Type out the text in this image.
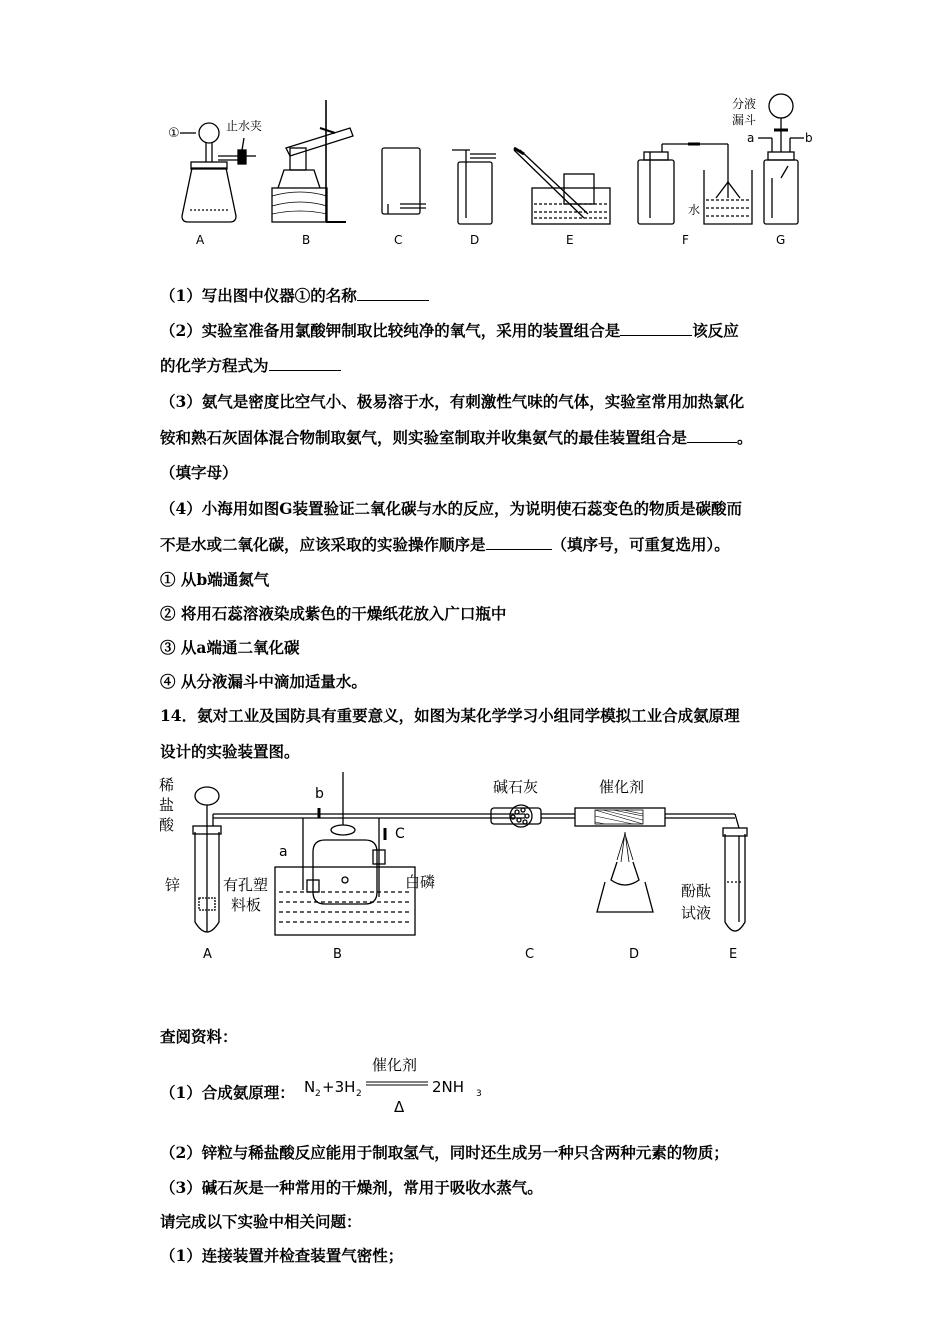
①	止水夹
分液
漏斗
a	b
水
A	B	C	D	E	F	G
（1）写出图中仪器①的名称
（2）实验室准备用氯酸钾制取比较纯净的氧气，采用的装置组合是	该反应
的化学方程式为
（3）氨气是密度比空气小、极易溶于水，有刺激性气味的气体，实验室常用加热氯化
铵和熟石灰固体混合物制取氨气，则实验室制取并收集氨气的最佳装置组合是	。
（填字母）
（4）小海用如图G装置验证二氧化碳与水的反应，为说明使石蕊变色的物质是碳酸而
不是水或二氧化碳，应该采取的实验操作顺序是	（填序号，可重复选用）。
① 从b端通氮气
② 将用石蕊溶液染成紫色的干燥纸花放入广口瓶中
③ 从a端通二氧化碳
④ 从分液漏斗中滴加适量水。
14．氨对工业及国防具有重要意义，如图为某化学学习小组同学模拟工业合成氨原理
设计的实验装置图。
稀
盐
酸
锌	有孔塑
料板
b
a
C
白磷
碱石灰	催化剂
酚酞
试液
A	B	C	D	E
查阅资料：
（1）合成氨原理： N 2 +3H 2
催化剂
Δ
2NH 3
（2）锌粒与稀盐酸反应能用于制取氢气，同时还生成另一种只含两种元素的物质；
（3）碱石灰是一种常用的干燥剂，常用于吸收水蒸气。
请完成以下实验中相关问题：
（1）连接装置并检查装置气密性；
